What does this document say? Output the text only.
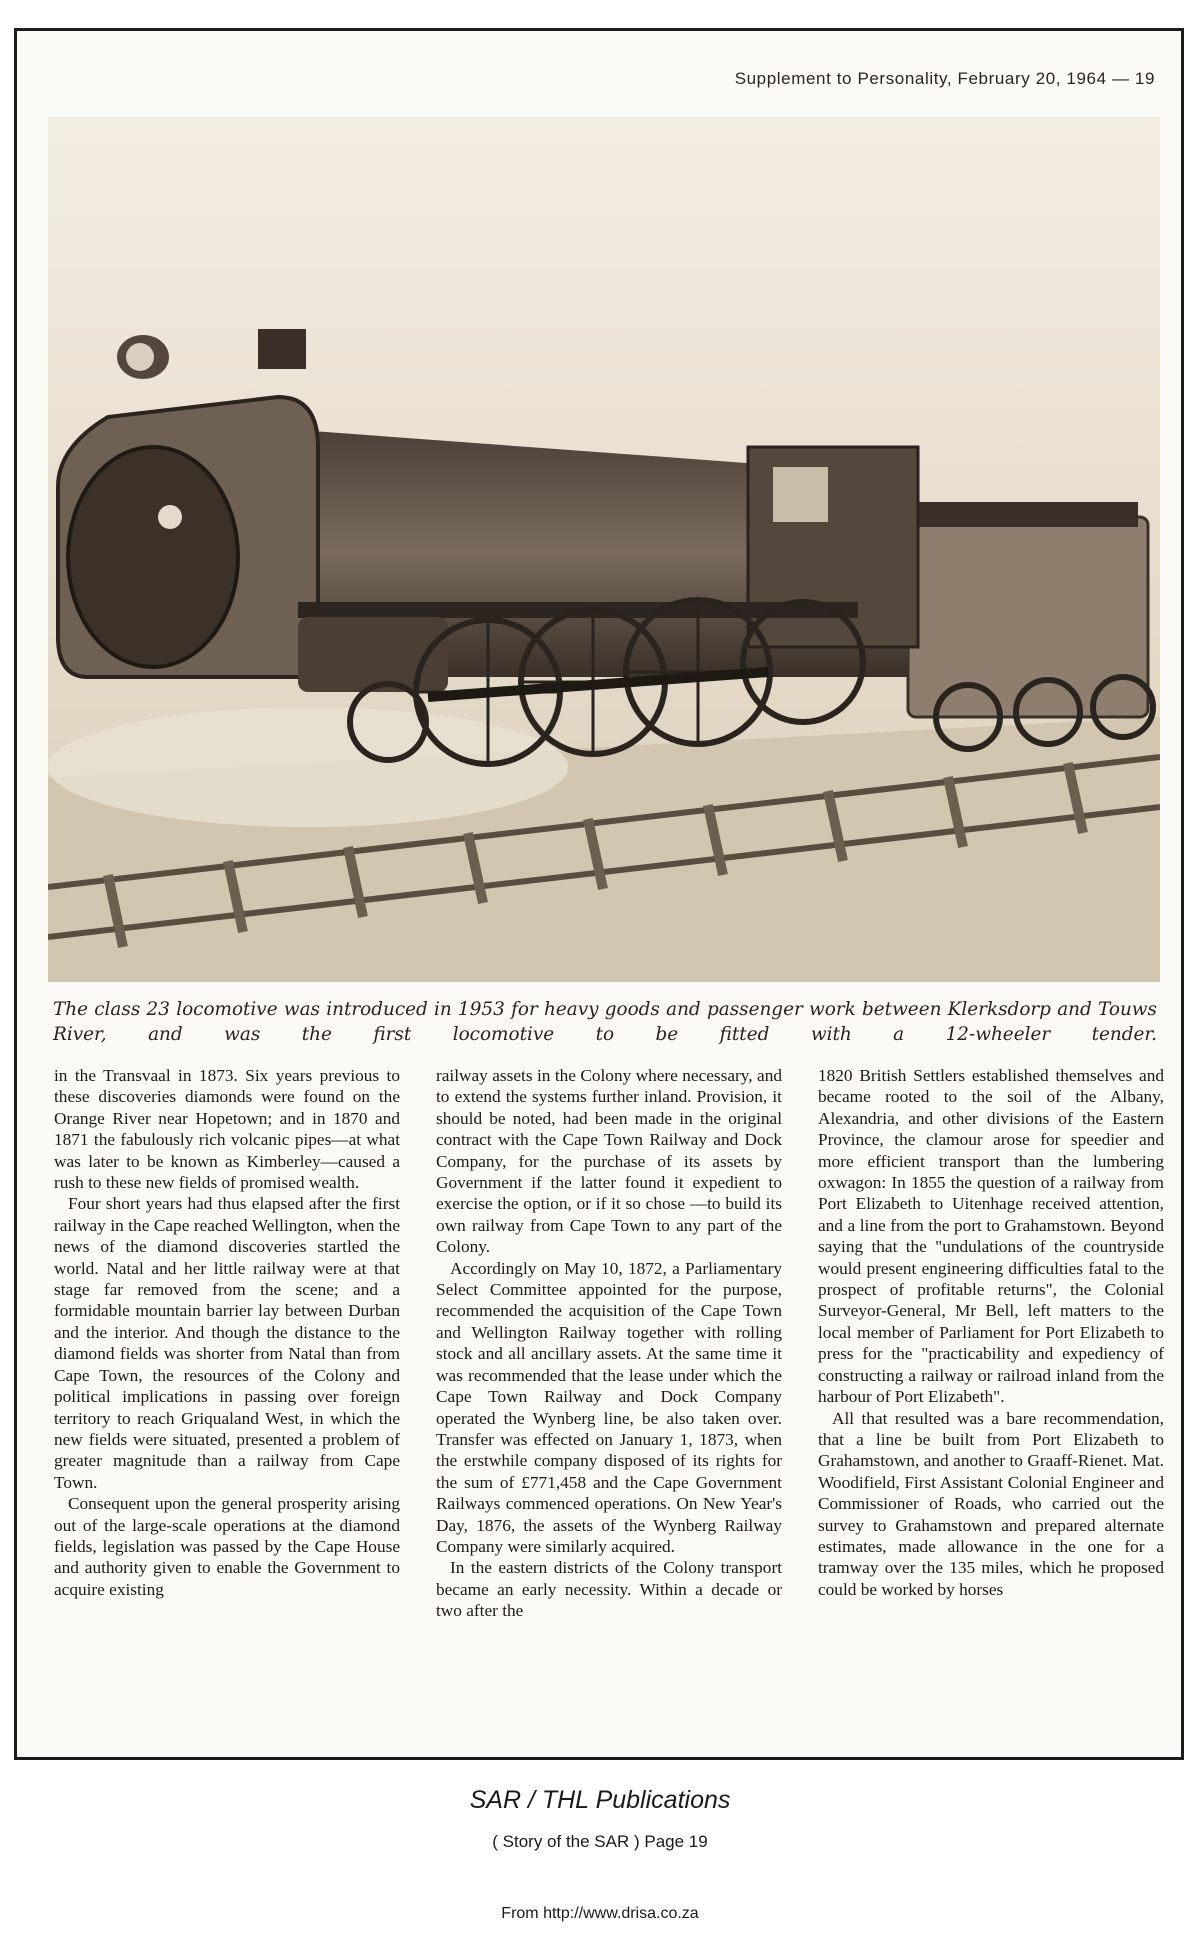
Supplement to Personality, February 20, 1964 — 19
The class 23 locomotive was introduced in 1953 for heavy goods and passenger work between Klerksdorp and Touws River, and was the first locomotive to be fitted with a 12-wheeler tender.

in the Transvaal in 1873. Six years previous to these discoveries diamonds were found on the Orange River near Hopetown; and in 1870 and 1871 the fabulously rich volcanic pipes—at what was later to be known as Kimberley—caused a rush to these new fields of promised wealth.

Four short years had thus elapsed after the first railway in the Cape reached Wellington, when the news of the diamond discoveries startled the world. Natal and her little railway were at that stage far removed from the scene; and a formidable mountain barrier lay between Durban and the interior. And though the distance to the diamond fields was shorter from Natal than from Cape Town, the resources of the Colony and political implications in passing over foreign territory to reach Griqualand West, in which the new fields were situated, presented a problem of greater magnitude than a railway from Cape Town.

Consequent upon the general prosperity arising out of the large-scale operations at the diamond fields, legislation was passed by the Cape House and authority given to enable the Government to acquire existing

railway assets in the Colony where necessary, and to extend the systems further inland. Provision, it should be noted, had been made in the original contract with the Cape Town Railway and Dock Company, for the purchase of its assets by Government if the latter found it expedient to exercise the option, or if it so chose —to build its own railway from Cape Town to any part of the Colony.

Accordingly on May 10, 1872, a Parliamentary Select Committee appointed for the purpose, recommended the acquisition of the Cape Town and Wellington Railway together with rolling stock and all ancillary assets. At the same time it was recommended that the lease under which the Cape Town Railway and Dock Company operated the Wynberg line, be also taken over. Transfer was effected on January 1, 1873, when the erstwhile company disposed of its rights for the sum of £771,458 and the Cape Government Railways commenced operations. On New Year's Day, 1876, the assets of the Wynberg Railway Company were similarly acquired.

In the eastern districts of the Colony transport became an early necessity. Within a decade or two after the

1820 British Settlers established themselves and became rooted to the soil of the Albany, Alexandria, and other divisions of the Eastern Province, the clamour arose for speedier and more efficient transport than the lumbering oxwagon: In 1855 the question of a railway from Port Elizabeth to Uitenhage received attention, and a line from the port to Grahamstown. Beyond saying that the "undulations of the countryside would present engineering difficulties fatal to the prospect of profitable returns", the Colonial Surveyor-General, Mr Bell, left matters to the local member of Parliament for Port Elizabeth to press for the "practicability and expediency of constructing a railway or railroad inland from the harbour of Port Elizabeth".

All that resulted was a bare recommendation, that a line be built from Port Elizabeth to Grahamstown, and another to Graaff-Rienet. Mat. Woodifield, First Assistant Colonial Engineer and Commissioner of Roads, who carried out the survey to Grahamstown and prepared alternate estimates, made allowance in the one for a tramway over the 135 miles, which he proposed could be worked by horses

SAR / THL Publications
( Story of the SAR ) Page 19
From http://www.drisa.co.za
